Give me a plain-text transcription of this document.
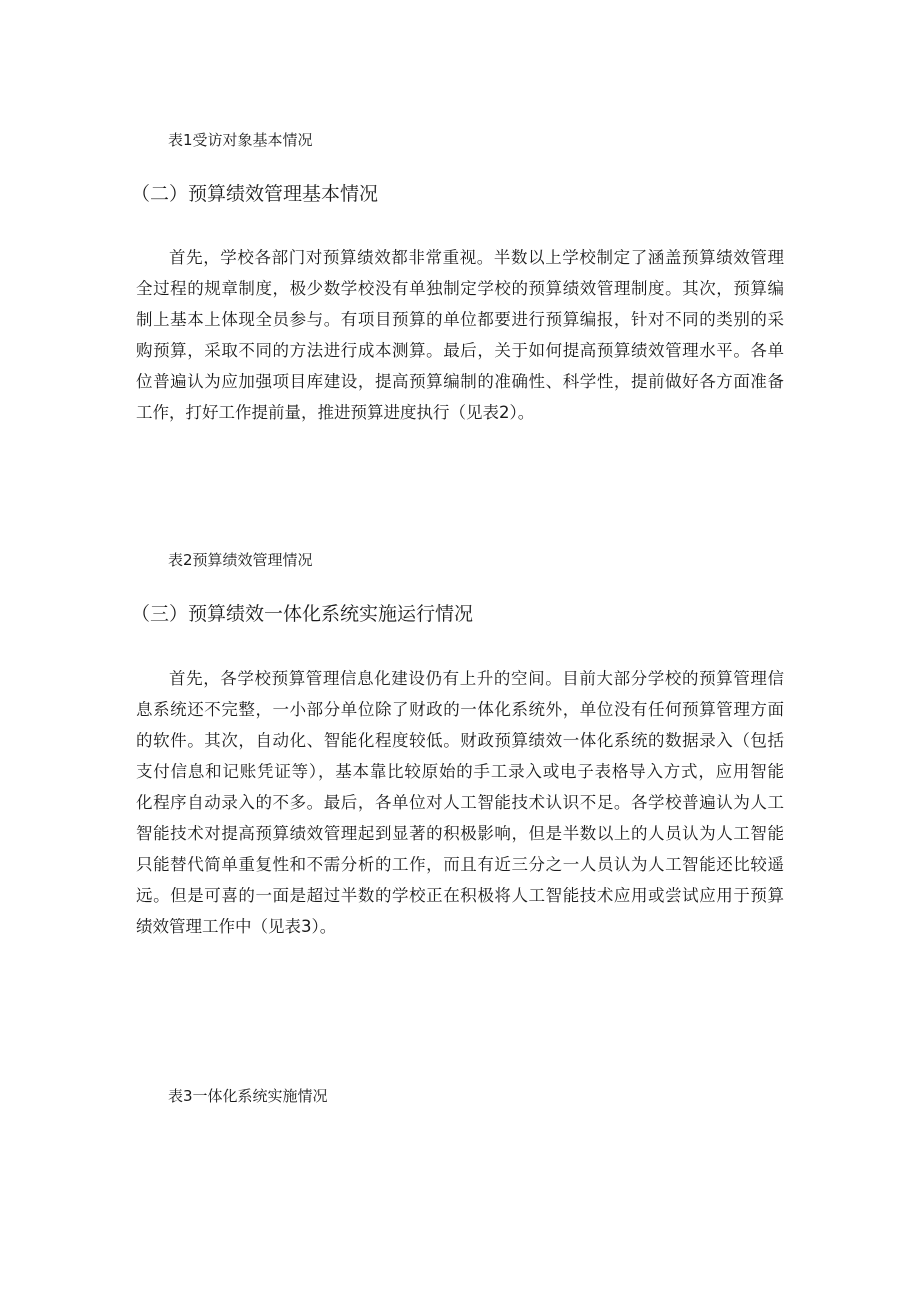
表1受访对象基本情况
（二）预算绩效管理基本情况
首先，学校各部门对预算绩效都非常重视。半数以上学校制定了涵盖预算绩效管理
全过程的规章制度，极少数学校没有单独制定学校的预算绩效管理制度。其次，预算编
制上基本上体现全员参与。有项目预算的单位都要进行预算编报，针对不同的类别的采
购预算，采取不同的方法进行成本测算。最后，关于如何提高预算绩效管理水平。各单
位普遍认为应加强项目库建设，提高预算编制的准确性、科学性，提前做好各方面准备
工作，打好工作提前量，推进预算进度执行（见表2）。
表2预算绩效管理情况
（三）预算绩效一体化系统实施运行情况
首先，各学校预算管理信息化建设仍有上升的空间。目前大部分学校的预算管理信
息系统还不完整，一小部分单位除了财政的一体化系统外，单位没有任何预算管理方面
的软件。其次，自动化、智能化程度较低。财政预算绩效一体化系统的数据录入（包括
支付信息和记账凭证等），基本靠比较原始的手工录入或电子表格导入方式，应用智能
化程序自动录入的不多。最后，各单位对人工智能技术认识不足。各学校普遍认为人工
智能技术对提高预算绩效管理起到显著的积极影响，但是半数以上的人员认为人工智能
只能替代简单重复性和不需分析的工作，而且有近三分之一人员认为人工智能还比较遥
远。但是可喜的一面是超过半数的学校正在积极将人工智能技术应用或尝试应用于预算
绩效管理工作中（见表3）。
表3一体化系统实施情况
